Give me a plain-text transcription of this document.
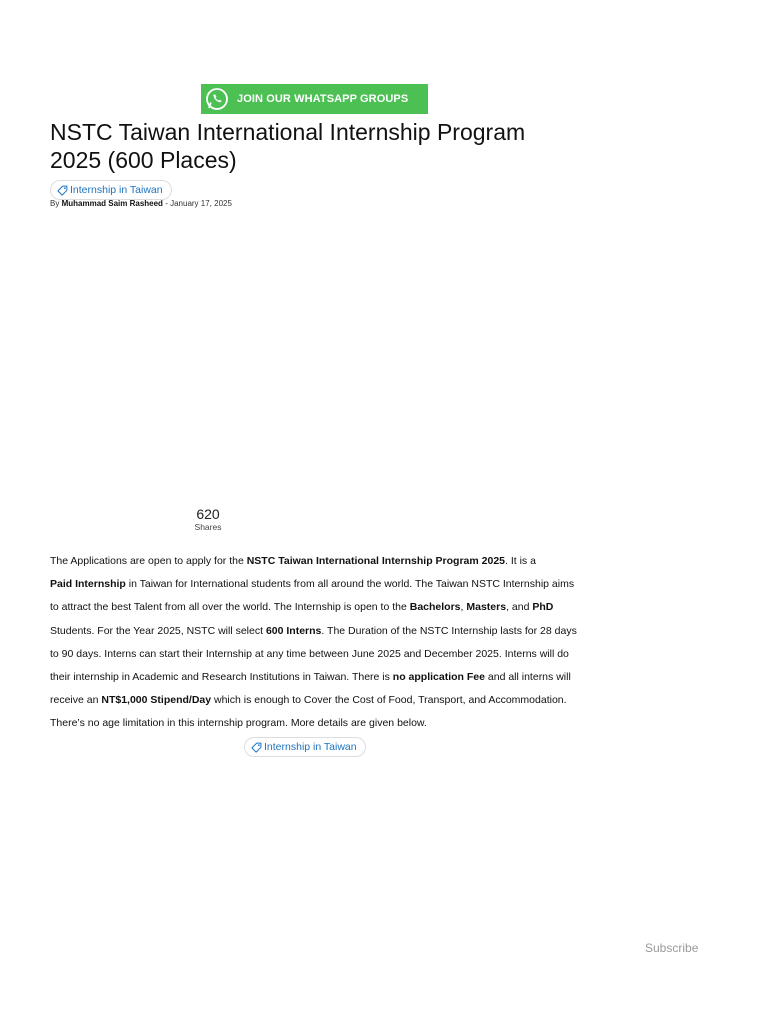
JOIN OUR WHATSAPP GROUPS
NSTC Taiwan International Internship Program 2025 (600 Places)
Internship in Taiwan
By Muhammad Saim Rasheed - January 17, 2025
620
Shares

The Applications are open to apply for the NSTC Taiwan International Internship Program 2025. It is a
Paid Internship in Taiwan for International students from all around the world. The Taiwan NSTC Internship aims to attract the best Talent from all over the world. The Internship is open to the Bachelors, Masters, and PhD Students. For the Year 2025, NSTC will select 600 Interns. The Duration of the NSTC Internship lasts for 28 days to 90 days. Interns can start their Internship at any time between June 2025 and December 2025. Interns will do their internship in Academic and Research Institutions in Taiwan. There is no application Fee and all interns will receive an NT$1,000 Stipend/Day which is enough to Cover the Cost of Food, Transport, and Accommodation. There’s no age limitation in this internship program. More details are given below.

Internship in Taiwan
Subscribe
